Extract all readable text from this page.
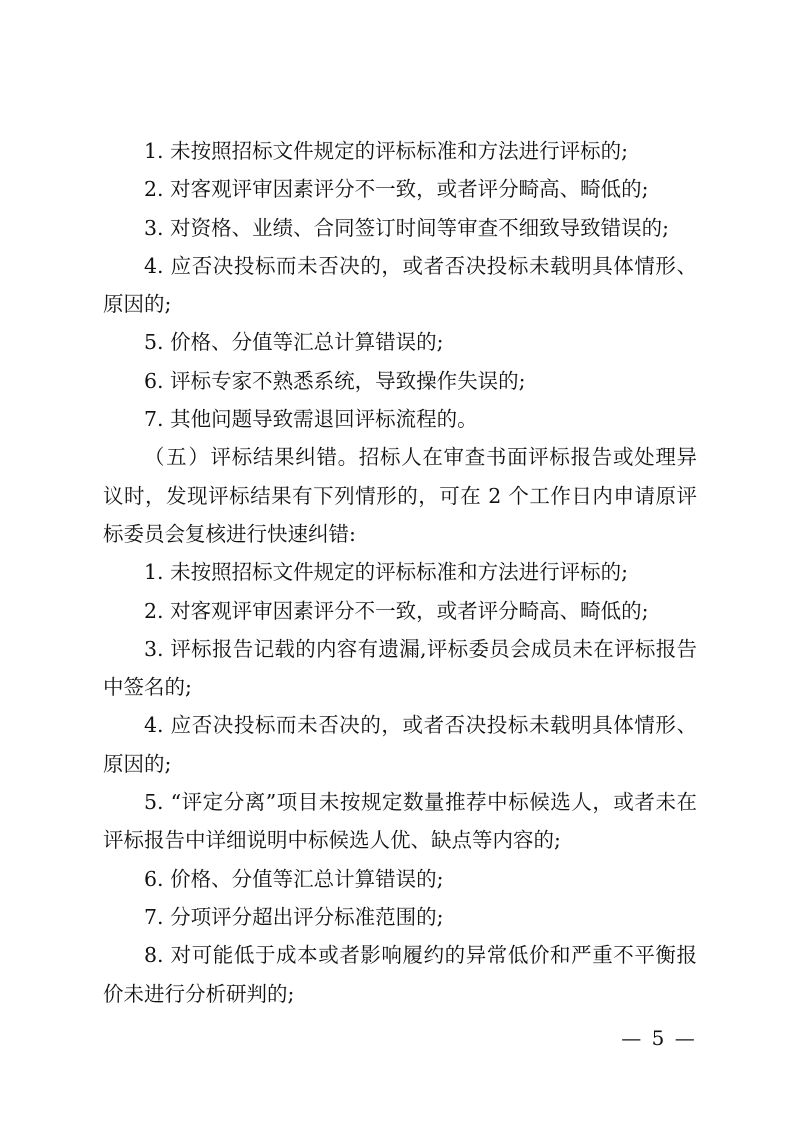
1. 未按照招标文件规定的评标标准和方法进行评标的;

2. 对客观评审因素评分不一致，或者评分畸高、畸低的;

3. 对资格、业绩、合同签订时间等审查不细致导致错误的;

4. 应否决投标而未否决的，或者否决投标未载明具体情形、原因的;

5. 价格、分值等汇总计算错误的;

6. 评标专家不熟悉系统，导致操作失误的;

7. 其他问题导致需退回评标流程的。

（五）评标结果纠错。招标人在审查书面评标报告或处理异议时，发现评标结果有下列情形的，可在 2 个工作日内申请原评标委员会复核进行快速纠错:

1. 未按照招标文件规定的评标标准和方法进行评标的;

2. 对客观评审因素评分不一致，或者评分畸高、畸低的;

3. 评标报告记载的内容有遗漏,评标委员会成员未在评标报告中签名的;

4. 应否决投标而未否决的，或者否决投标未载明具体情形、原因的;

5. “评定分离”项目未按规定数量推荐中标候选人，或者未在评标报告中详细说明中标候选人优、缺点等内容的;

6. 价格、分值等汇总计算错误的;

7. 分项评分超出评分标准范围的;

8. 对可能低于成本或者影响履约的异常低价和严重不平衡报价未进行分析研判的;

— 5 —
